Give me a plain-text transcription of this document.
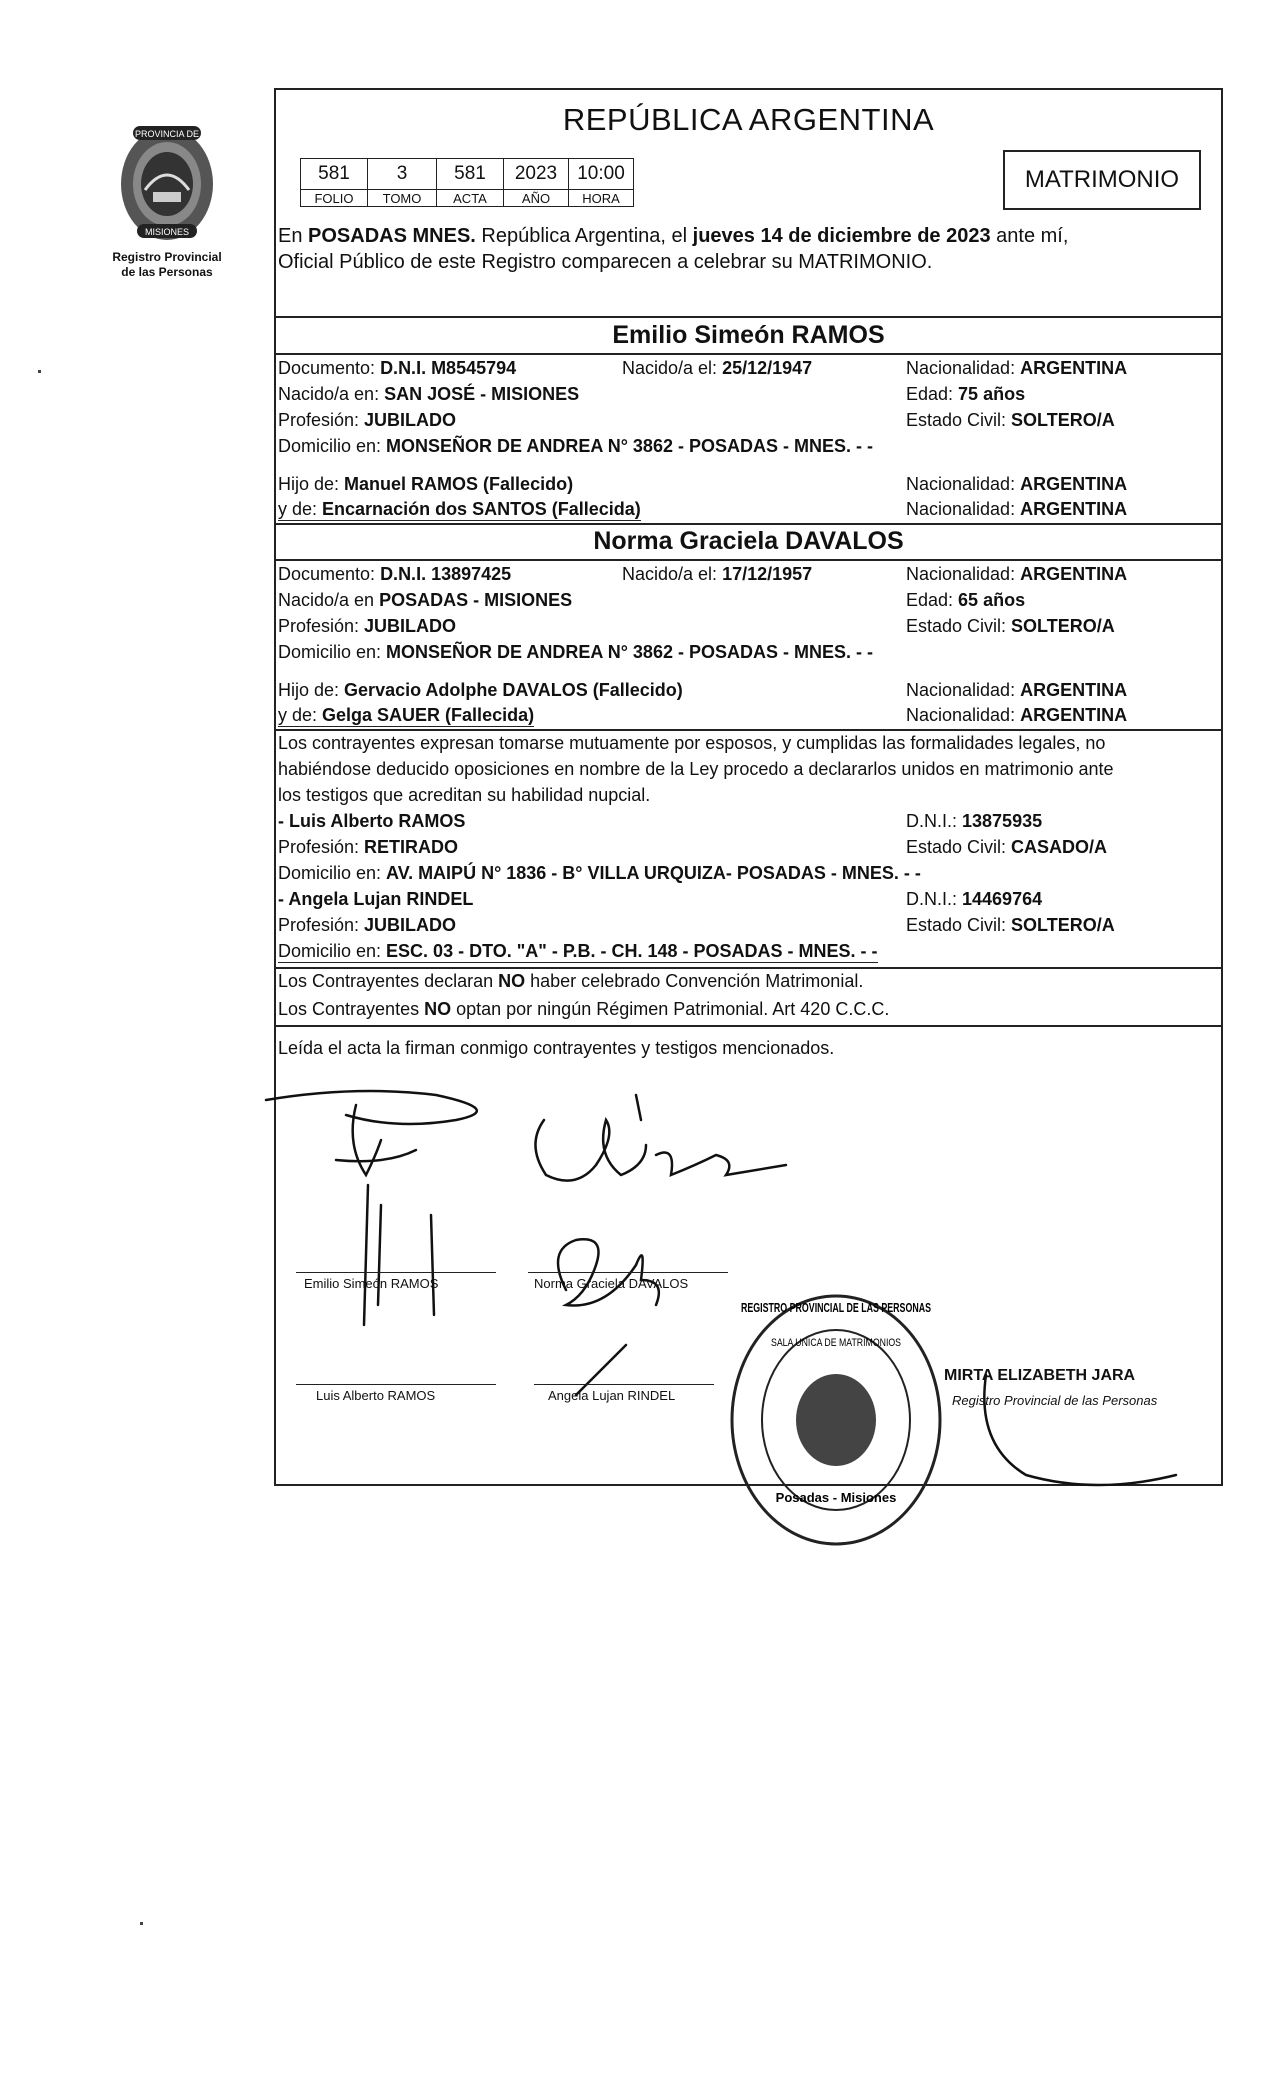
PROVINCIA DE
MISIONES
Registro Provincial
de las Personas
REPÚBLICA ARGENTINA
581	3	581	2023	10:00
FOLIO	TOMO	ACTA	AÑO	HORA
MATRIMONIO
En POSADAS MNES. República Argentina, el jueves 14 de diciembre de 2023 ante mí,
Oficial Público de este Registro comparecen a celebrar su MATRIMONIO.
Emilio Simeón RAMOS
Documento: D.N.I. M8545794	Nacido/a el: 25/12/1947	Nacionalidad: ARGENTINA
Nacido/a en: SAN JOSÉ - MISIONES	Edad: 75 años
Profesión: JUBILADO	Estado Civil: SOLTERO/A
Domicilio en: MONSEÑOR DE ANDREA N° 3862 - POSADAS - MNES. - -
Hijo de: Manuel RAMOS (Fallecido)	Nacionalidad: ARGENTINA
y de: Encarnación dos SANTOS (Fallecida)	Nacionalidad: ARGENTINA
Norma Graciela DAVALOS
Documento: D.N.I. 13897425	Nacido/a el: 17/12/1957	Nacionalidad: ARGENTINA
Nacido/a en POSADAS - MISIONES	Edad: 65 años
Profesión: JUBILADO	Estado Civil: SOLTERO/A
Domicilio en: MONSEÑOR DE ANDREA N° 3862 - POSADAS - MNES. - -
Hijo de: Gervacio Adolphe DAVALOS (Fallecido)	Nacionalidad: ARGENTINA
y de: Gelga SAUER (Fallecida)	Nacionalidad: ARGENTINA
Los contrayentes expresan tomarse mutuamente por esposos, y cumplidas las formalidades legales, no
habiéndose deducido oposiciones en nombre de la Ley procedo a declararlos unidos en matrimonio ante
los testigos que acreditan su habilidad nupcial.
- Luis Alberto RAMOS	D.N.I.: 13875935
Profesión: RETIRADO	Estado Civil: CASADO/A
Domicilio en: AV. MAIPÚ N° 1836 - B° VILLA URQUIZA- POSADAS - MNES. - -
- Angela Lujan RINDEL	D.N.I.: 14469764
Profesión: JUBILADO	Estado Civil: SOLTERO/A
Domicilio en: ESC. 03 - DTO. "A" - P.B. - CH. 148 - POSADAS - MNES. - -
Los Contrayentes declaran NO haber celebrado Convención Matrimonial.
Los Contrayentes NO optan por ningún Régimen Patrimonial. Art 420 C.C.C.
Leída el acta la firman conmigo contrayentes y testigos mencionados.
Emilio Simeón RAMOS	Norma Graciela DAVALOS
Luis Alberto RAMOS	Angela Lujan RINDEL
REGISTRO PROVINCIAL DE LAS PERSONAS
SALA UNICA DE MATRIMONIOS
Posadas - Misiones
MIRTA ELIZABETH JARA
Registro Provincial de las Personas
